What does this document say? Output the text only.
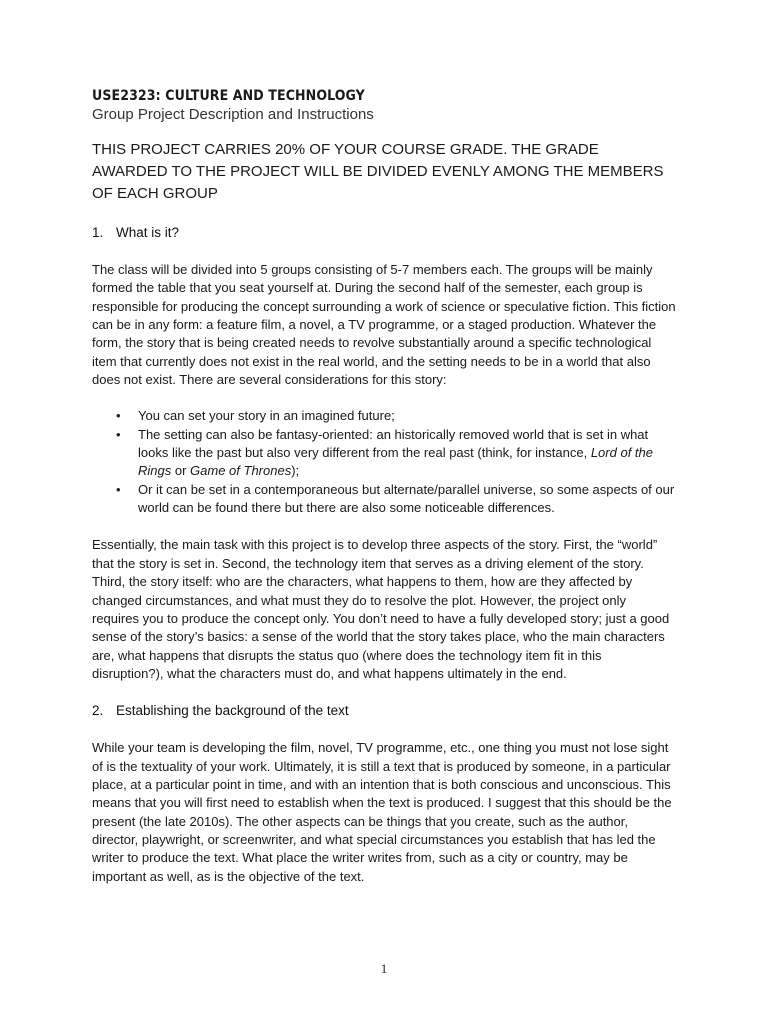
USE2323: CULTURE AND TECHNOLOGY

Group Project Description and Instructions

THIS PROJECT CARRIES 20% OF YOUR COURSE GRADE. THE GRADE AWARDED TO THE PROJECT WILL BE DIVIDED EVENLY AMONG THE MEMBERS OF EACH GROUP

1. What is it?

The class will be divided into 5 groups consisting of 5-7 members each. The groups will be mainly formed the table that you seat yourself at. During the second half of the semester, each group is responsible for producing the concept surrounding a work of science or speculative fiction. This fiction can be in any form: a feature film, a novel, a TV programme, or a staged production. Whatever the form, the story that is being created needs to revolve substantially around a specific technological item that currently does not exist in the real world, and the setting needs to be in a world that also does not exist. There are several considerations for this story:

• You can set your story in an imagined future;
• The setting can also be fantasy-oriented: an historically removed world that is set in what looks like the past but also very different from the real past (think, for instance, Lord of the Rings or Game of Thrones);
• Or it can be set in a contemporaneous but alternate/parallel universe, so some aspects of our world can be found there but there are also some noticeable differences.

Essentially, the main task with this project is to develop three aspects of the story. First, the “world” that the story is set in. Second, the technology item that serves as a driving element of the story. Third, the story itself: who are the characters, what happens to them, how are they affected by changed circumstances, and what must they do to resolve the plot. However, the project only requires you to produce the concept only. You don’t need to have a fully developed story; just a good sense of the story’s basics: a sense of the world that the story takes place, who the main characters are, what happens that disrupts the status quo (where does the technology item fit in this disruption?), what the characters must do, and what happens ultimately in the end.

2. Establishing the background of the text

While your team is developing the film, novel, TV programme, etc., one thing you must not lose sight of is the textuality of your work. Ultimately, it is still a text that is produced by someone, in a particular place, at a particular point in time, and with an intention that is both conscious and unconscious. This means that you will first need to establish when the text is produced. I suggest that this should be the present (the late 2010s). The other aspects can be things that you create, such as the author, director, playwright, or screenwriter, and what special circumstances you establish that has led the writer to produce the text. What place the writer writes from, such as a city or country, may be important as well, as is the objective of the text.

1
